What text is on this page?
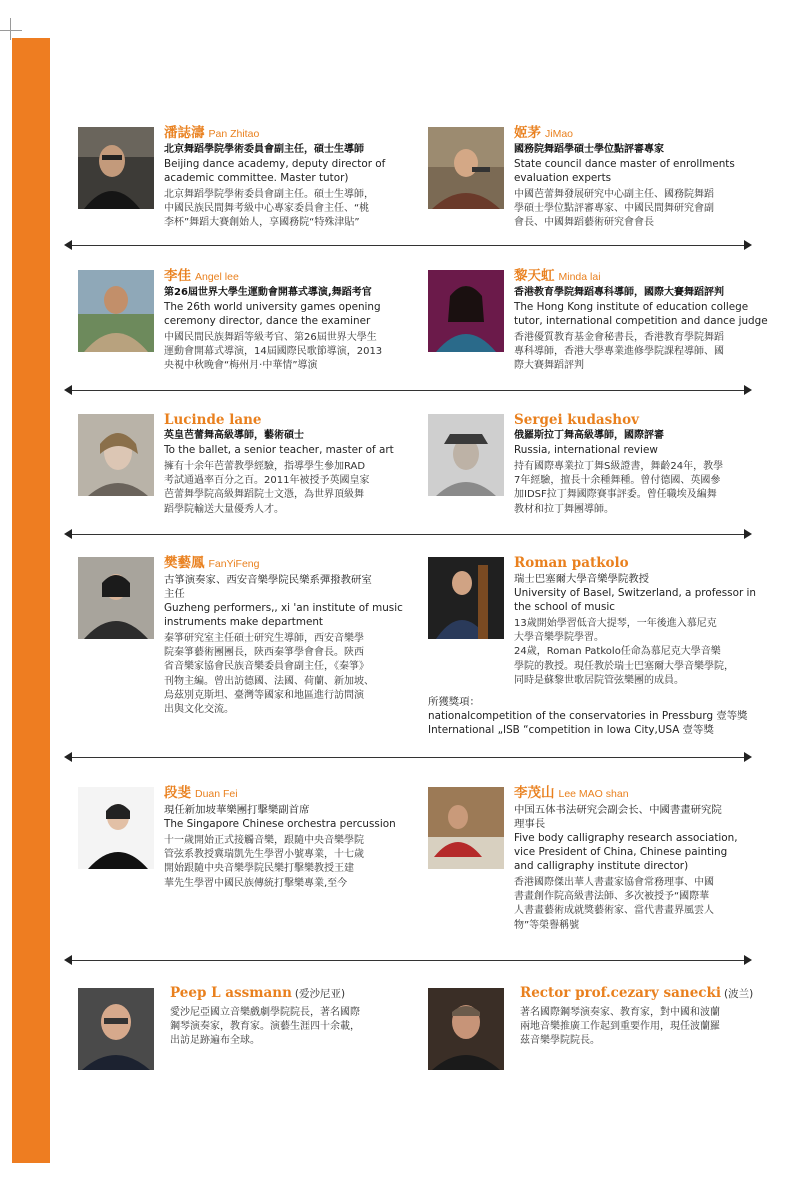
潘誌濤 Pan Zhitao
北京舞蹈學院學術委員會副主任，碩士生導師
Beijing dance academy, deputy director of
academic committee. Master tutor)
北京舞蹈學院學術委員會副主任。碩士生導師，
中國民族民間舞考級中心專家委員會主任、“桃
李杯”舞蹈大賽創始人，享國務院“特殊津貼”
姬茅 JiMao
國務院舞蹈學碩士學位點評審專家
State council dance master of enrollments
evaluation experts
中國芭蕾舞發展研究中心副主任、國務院舞蹈
學碩士學位點評審專家、中國民間舞研究會副
會長、中國舞蹈藝術研究會會長
李佳 Angel lee
第26屆世界大學生運動會開幕式導演,舞蹈考官
The 26th world university games opening
ceremony director, dance the examiner
中國民間民族舞蹈等級考官、第26屆世界大學生
運動會開幕式導演，14屆國際民歌節導演，2013
央視中秋晚會“梅州月·中華情”導演
黎天虹 Minda lai
香港教育學院舞蹈專科導師，國際大賽舞蹈評判
The Hong Kong institute of education college
tutor, international competition and dance judge
香港優質教育基金會秘書長，香港教育學院舞蹈
專科導師，香港大學專業進修學院課程導師、國
際大賽舞蹈評判
Lucinde lane
英皇芭蕾舞高級導師，藝術碩士
To the ballet, a senior teacher, master of art
擁有十余年芭蕾教學經驗，指導學生參加RAD
考試通過率百分之百。2011年被授予英國皇家
芭蕾舞學院高級舞蹈院士文憑，為世界頂級舞
蹈學院輸送大量優秀人才。
Sergei kudashov
俄羅斯拉丁舞高級導師，國際評審
Russia, international review
持有國際專業拉丁舞S級證書，舞齡24年，教學
7年經驗，擅長十余種舞種。曾付德國、英國參
加IDSF拉丁舞國際賽事評委。曾任職埃及編舞
教材和拉丁舞團導師。
樊藝鳳 FanYiFeng
古箏演奏家、西安音樂學院民樂系彈撥教研室
主任
Guzheng performers,, xi 'an institute of music
instruments make department
秦箏研究室主任碩士研究生導師，西安音樂學
院秦箏藝術團團長，陝西秦箏學會會長。陝西
省音樂家協會民族音樂委員會副主任，《秦箏》
刊物主編。曾出訪德國、法國、荷蘭、新加坡、
烏茲別克斯坦、臺灣等國家和地區進行訪問演
出與文化交流。
Roman patkolo
瑞士巴塞爾大學音樂學院教授
University of Basel, Switzerland, a professor in
the school of music
13歲開始學習低音大提琴，一年後進入慕尼克
大學音樂學院學習。
24歲，Roman Patkolo任命為慕尼克大學音樂
學院的教授。現任教於瑞士巴塞爾大學音樂學院，
同時是蘇黎世歌居院管弦樂團的成員。
所獲獎項：
nationalcompetition of the conservatories in Pressburg 壹等獎
International „ISB “competition in Iowa City,USA 壹等獎
段斐 Duan Fei
現任新加坡華樂團打擊樂副首席
The Singapore Chinese orchestra percussion
十一歲開始正式接觸音樂，跟隨中央音樂學院
管弦系教授冀瑞凱先生學習小號專業，十七歲
開始跟隨中央音樂學院民樂打擊樂教授王建
華先生學習中國民族傳統打擊樂專業,至今
李茂山 Lee MAO shan
中国五体书法研究会副会长、中國書畫研究院
理事長
Five body calligraphy research association,
vice President of China, Chinese painting
and calligraphy institute director)
香港國際傑出華人書畫家協會常務理事、中國
書畫創作院高級書法師、多次被授予“國際華
人書畫藝術成就獎藝術家、當代書畫界風雲人
物”等榮譽稱號
Peep L assmann (爱沙尼亚)
愛沙尼亞國立音樂戲劇學院院長，著名國際
鋼琴演奏家，教育家。演藝生涯四十余載，
出訪足跡遍布全球。
Rector prof.cezary sanecki (波兰)
著名國際鋼琴演奏家、教育家，對中國和波蘭
兩地音樂推廣工作起到重要作用，現任波蘭羅
茲音樂學院院長。
